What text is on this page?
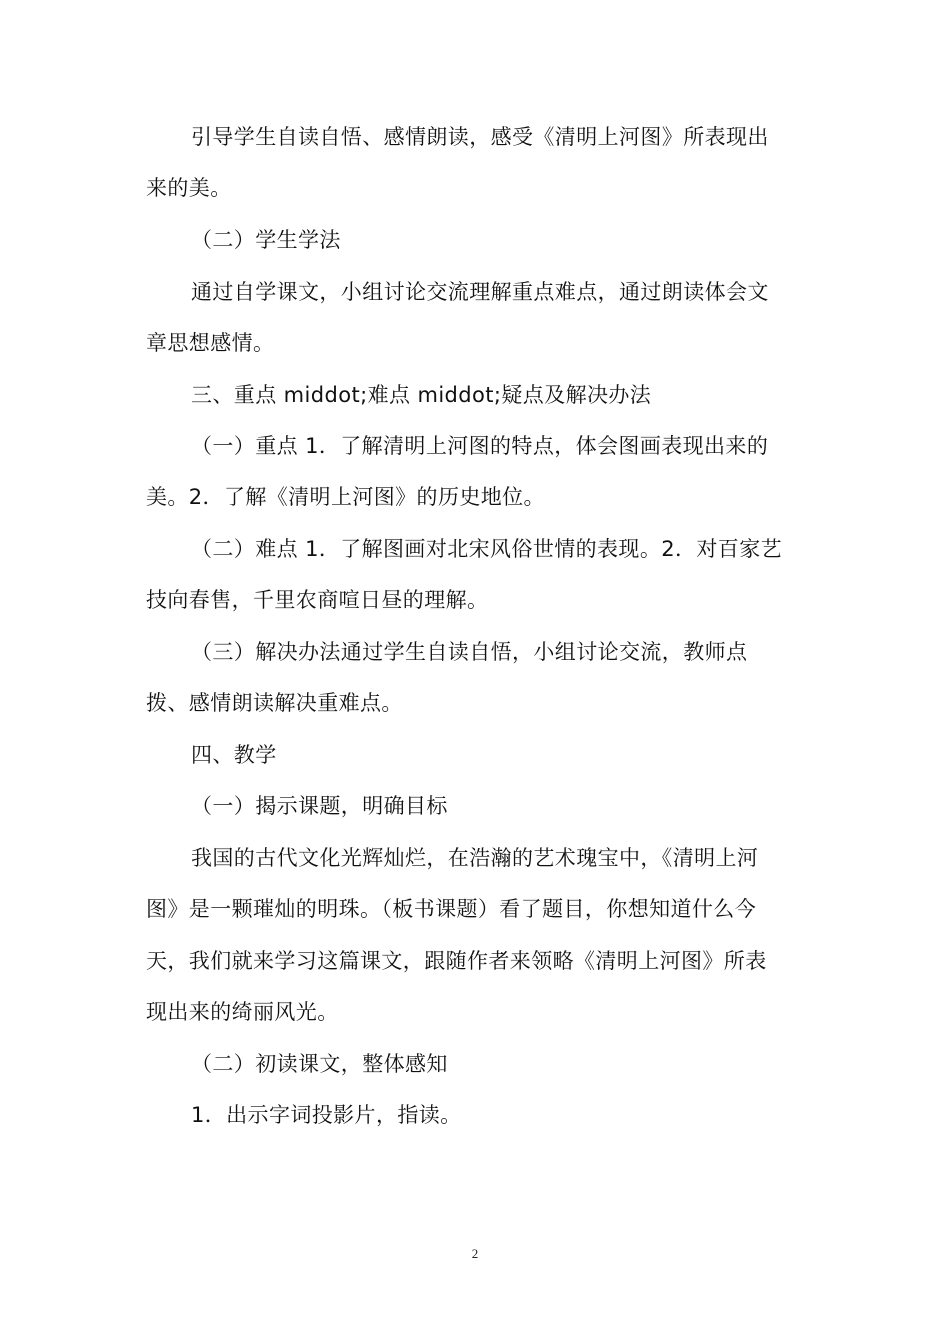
引导学生自读自悟、感情朗读，感受《清明上河图》所表现出
来的美。
（二）学生学法
通过自学课文，小组讨论交流理解重点难点，通过朗读体会文
章思想感情。
三、重点 middot;难点 middot;疑点及解决办法
（一）重点 1．了解清明上河图的特点，体会图画表现出来的
美。2．了解《清明上河图》的历史地位。
（二）难点 1．了解图画对北宋风俗世情的表现。2．对百家艺
技向春售，千里农商喧日昼的理解。
（三）解决办法通过学生自读自悟，小组讨论交流，教师点
拨、感情朗读解决重难点。
四、教学
（一）揭示课题，明确目标
我国的古代文化光辉灿烂，在浩瀚的艺术瑰宝中，《清明上河
图》是一颗璀灿的明珠。（板书课题）看了题目，你想知道什么今
天，我们就来学习这篇课文，跟随作者来领略《清明上河图》所表
现出来的绮丽风光。
（二）初读课文，整体感知
1．出示字词投影片，指读。
2
